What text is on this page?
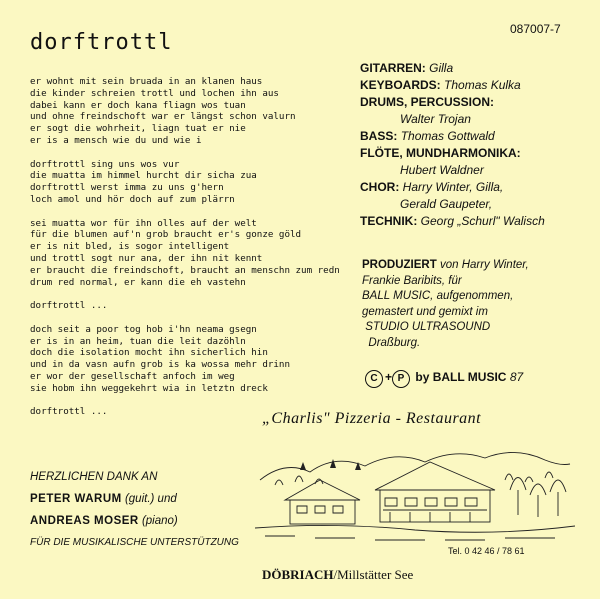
dorftrottl
087007-7
er wohnt mit sein bruada in an klanen haus
die kinder schreien trottl und lochen ihn aus
dabei kann er doch kana fliagn wos tuan
und ohne freindschoft war er längst schon valurn
er sogt die wohrheit, liagn tuat er nie
er is a mensch wie du und wie i

dorftrottl sing uns wos vur
die muatta im himmel hurcht dir sicha zua
dorftrottl werst imma zu uns g'hern
loch amol und hör doch auf zum plärrn

sei muatta wor für ihn olles auf der welt
für die blumen auf'n grob braucht er's gonze göld
er is nit bled, is sogor intelligent
und trottl sogt nur ana, der ihn nit kennt
er braucht die freindschoft, braucht an menschn zum redn
drum red normal, er kann die eh vastehn

dorftrottl ...

doch seit a poor tog hob i'hn neama gsegn
er is in an heim, tuan die leit dazöhln
doch die isolation mocht ihn sicherlich hin
und in da vasn aufn grob is ka wossa mehr drinn
er wor der gesellschaft anfoch im weg
sie hobm ihn weggekehrt wia in letztn dreck

dorftrottl ...
GITARREN: Gilla
KEYBOARDS: Thomas Kulka
DRUMS, PERCUSSION:
Walter Trojan
BASS: Thomas Gottwald
FLÖTE, MUNDHARMONIKA:
Hubert Waldner
CHOR: Harry Winter, Gilla,
Gerald Gaupeter,
TECHNIK: Georg „Schurl" Walisch
PRODUZIERT von Harry Winter,
Frankie Baribits, für
BALL MUSIC, aufgenommen,
gemastert und gemixt im
STUDIO ULTRASOUND
Draßburg.
C + P by BALL MUSIC 87
„Charlis" Pizzeria - Restaurant
HERZLICHEN DANK AN
PETER WARUM (guit.) und
ANDREAS MOSER (piano)
FÜR DIE MUSIKALISCHE UNTERSTÜTZUNG
Tel. 0 42 46 / 78 61
DÖBRIACH/Millstätter See
